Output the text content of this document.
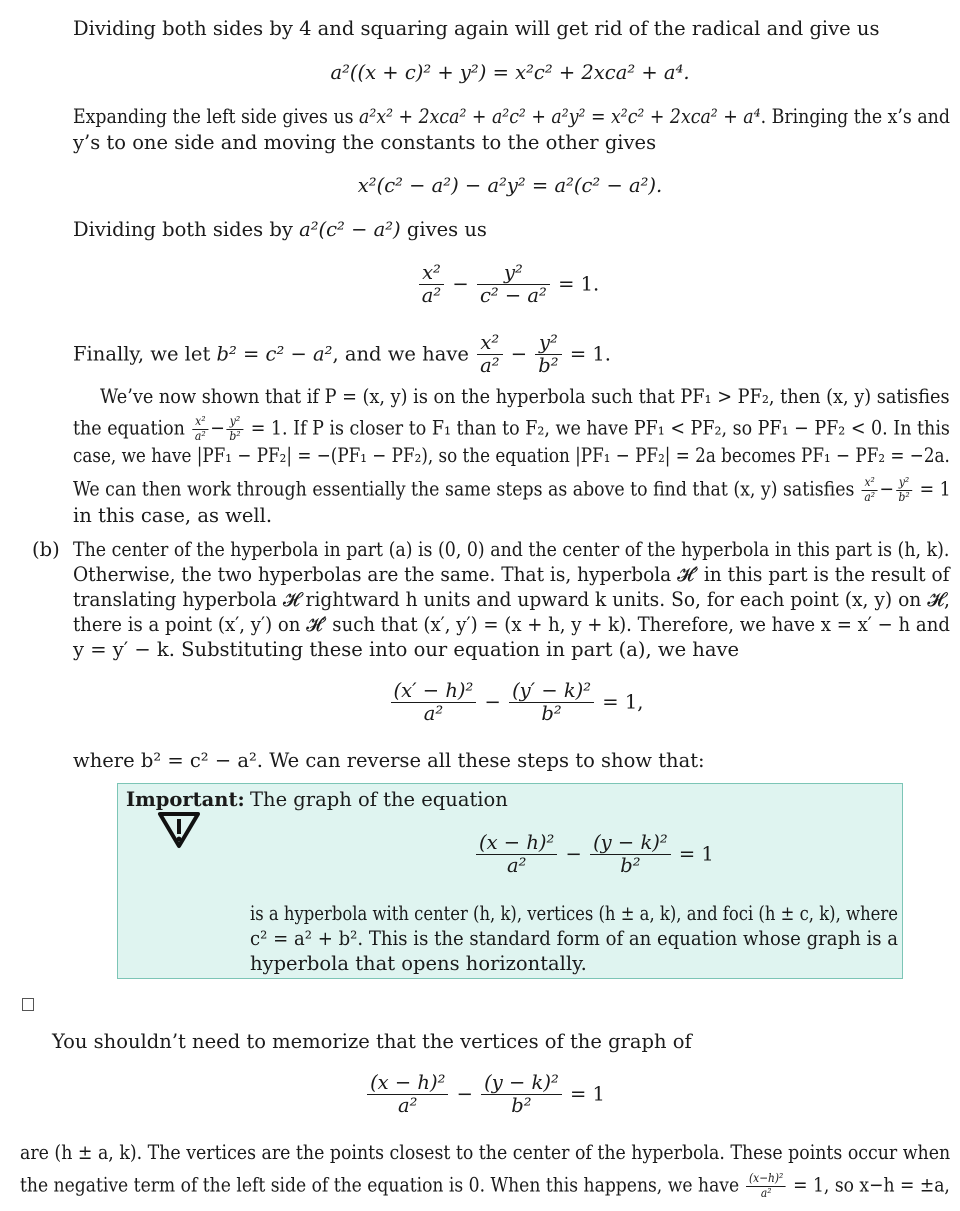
Dividing both sides by 4 and squaring again will get rid of the radical and give us
a²((x + c)² + y²) = x²c² + 2xca² + a⁴.
Expanding the left side gives us a²x² + 2xca² + a²c² + a²y² = x²c² + 2xca² + a⁴. Bringing the x’s and
y’s to one side and moving the constants to the other gives
x²(c² − a²) − a²y² = a²(c² − a²).
Dividing both sides by a²(c² − a²) gives us
$\frac{\text{x²}}{\text{a²}} - \frac{\text{y²}}{\text{c² − a²}} = 1$.
Finally, we let b² = c² − a², and we have $\frac{\text{x²}}{\text{a²}} - \frac{\text{y²}}{\text{b²}} = 1$.
We’ve now shown that if P = (x, y) is on the hyperbola such that PF₁ > PF₂, then (x, y) satisfies
the equation $\frac{\text{x²}}{\text{a²}} - \frac{\text{y²}}{\text{b²}} = 1$. If P is closer to F₁ than to F₂, we have PF₁ < PF₂, so PF₁ − PF₂ < 0. In this
case, we have |PF₁ − PF₂| = −(PF₁ − PF₂), so the equation |PF₁ − PF₂| = 2a becomes PF₁ − PF₂ = −2a.
We can then work through essentially the same steps as above to find that (x, y) satisfies $\frac{\text{x²}}{\text{a²}} - \frac{\text{y²}}{\text{b²}} = 1$
in this case, as well.
(b) The center of the hyperbola in part (a) is (0, 0) and the center of the hyperbola in this part is (h, k).
Otherwise, the two hyperbolas are the same. That is, hyperbola 𝓗′ in this part is the result of
translating hyperbola 𝓗 rightward h units and upward k units. So, for each point (x, y) on 𝓗,
there is a point (x′, y′) on 𝓗′ such that (x′, y′) = (x + h, y + k). Therefore, we have x = x′ − h and
y = y′ − k. Substituting these into our equation in part (a), we have
$\frac{\text{(x′ − h)²}}{\text{a²}} - \frac{\text{(y′ − k)²}}{\text{b²}} = 1$,
where b² = c² − a². We can reverse all these steps to show that:
Important: The graph of the equation
$\frac{\text{(x − h)²}}{\text{a²}} - \frac{\text{(y − k)²}}{\text{b²}} = 1$
is a hyperbola with center (h, k), vertices (h ± a, k), and foci (h ± c, k), where
c² = a² + b². This is the standard form of an equation whose graph is a
hyperbola that opens horizontally.
You shouldn’t need to memorize that the vertices of the graph of
$\frac{\text{(x − h)²}}{\text{a²}} - \frac{\text{(y − k)²}}{\text{b²}} = 1$
are (h ± a, k). The vertices are the points closest to the center of the hyperbola. These points occur when
the negative term of the left side of the equation is 0. When this happens, we have $\frac{\text{(x−h)²}}{\text{a²}} = 1$, so x−h = ±a,
